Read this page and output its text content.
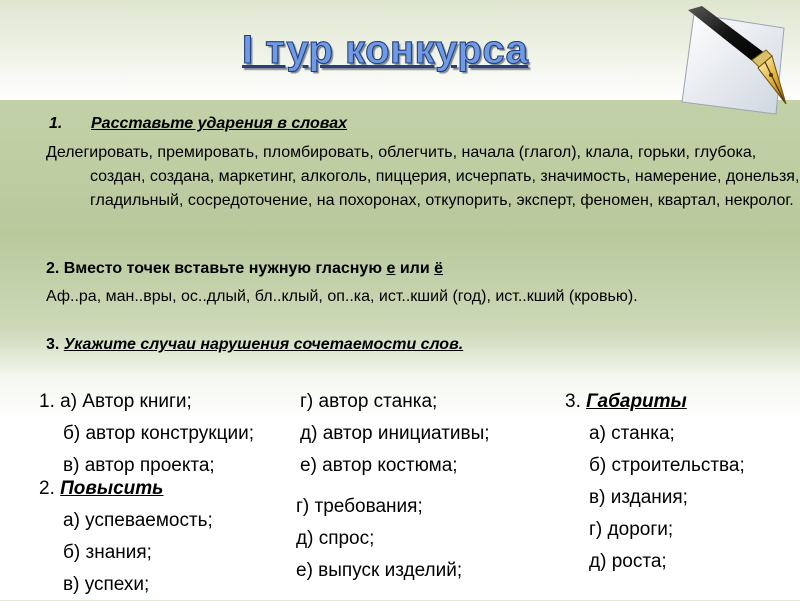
I тур конкурса
1. Расставьте ударения в словах
Делегировать, премировать, пломбировать, облегчить, начала (глагол), клала, горьки, глубока, создан, создана, маркетинг, алкоголь, пиццерия, исчерпать, значимость, намерение, донельзя, гладильный, сосредоточение, на похоронах, откупорить, эксперт, феномен, квартал, некролог.
2. Вместо точек вставьте нужную гласную е или ё
Аф..ра, ман..вры, ос..длый, бл..клый, оп..ка, ист..кший (год), ист..кший (кровью).
3. Укажите случаи нарушения сочетаемости слов.
1. а) Автор книги;
б) автор конструкции;
в) автор проекта;
г) автор станка;
д) автор инициативы;
е) автор костюма;
2. Повысить
а) успеваемость;
б) знания;
в) успехи;
г) требования;
д) спрос;
е) выпуск изделий;
3. Габариты
а) станка;
б) строительства;
в) издания;
г) дороги;
д) роста;
